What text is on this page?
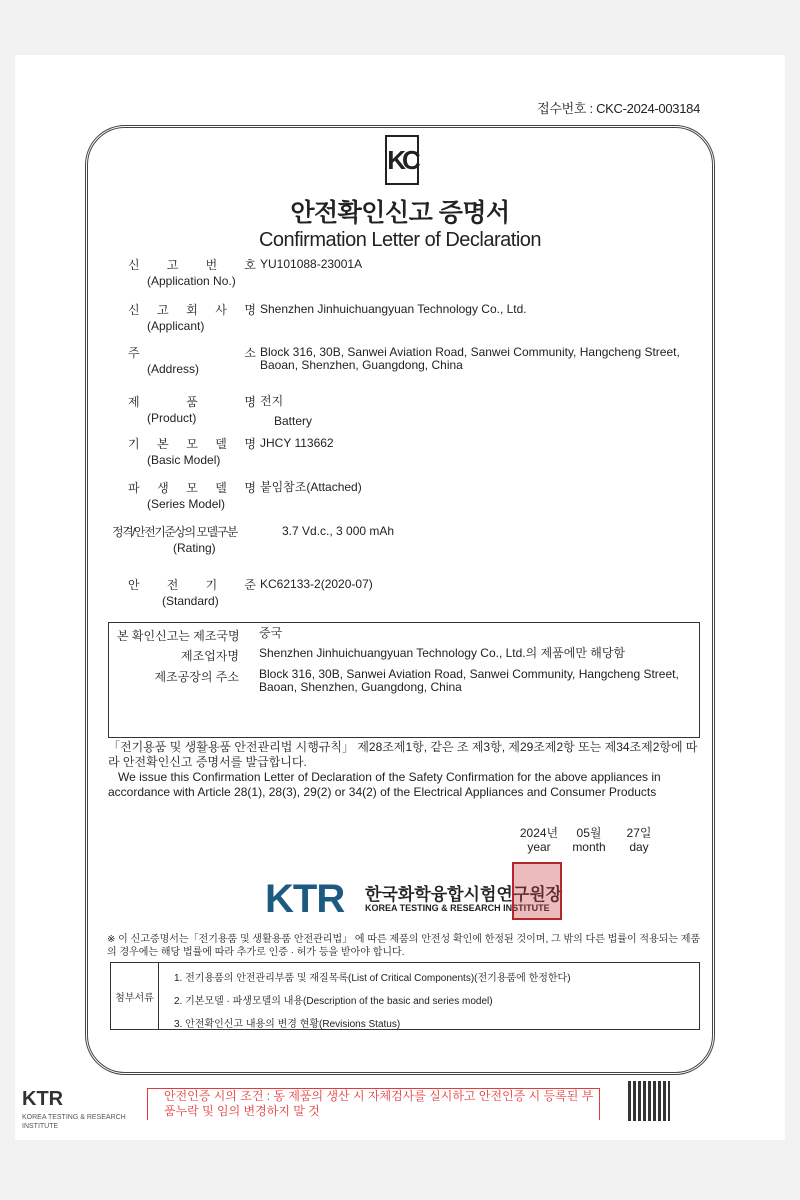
접수번호 : CKC-2024-003184
KC
안전확인신고 증명서
Confirmation Letter of Declaration
신 고 번 호
(Application No.)
YU101088-23001A
신 고 회 사 명
(Applicant)
Shenzhen Jinhuichuangyuan Technology Co., Ltd.
주 소
(Address)
Block 316, 30B, Sanwei Aviation Road, Sanwei Community, Hangcheng Street, Baoan, Shenzhen, Guangdong, China
제 품 명
(Product)
전지
Battery
기 본 모 델 명
(Basic Model)
JHCY 113662
파 생 모 델 명
(Series Model)
붙임참조(Attached)
정격/안전기준상의 모델구분
(Rating)
3.7 Vd.c., 3 000 mAh
안 전 기 준
(Standard)
KC62133-2(2020-07)
본 확인신고는 제조국명 중국
제조업자명 Shenzhen Jinhuichuangyuan Technology Co., Ltd.의 제품에만 해당함
제조공장의 주소 Block 316, 30B, Sanwei Aviation Road, Sanwei Community, Hangcheng Street, Baoan, Shenzhen, Guangdong, China
「전기용품 및 생활용품 안전관리법 시행규칙」 제28조제1항, 같은 조 제3항, 제29조제2항 또는 제34조제2항에 따라 안전확인신고 증명서를 발급합니다.
We issue this Confirmation Letter of Declaration of the Safety Confirmation for the above appliances in accordance with Article 28(1), 28(3), 29(2) or 34(2) of the Electrical Appliances and Consumer Products
2024년
year
05월
month
27일
day
KTR 한국화학융합시험연구원장
KOREA TESTING & RESEARCH INSTITUTE
※ 이 신고증명서는「전기용품 및 생활용품 안전관리법」 에 따른 제품의 안전성 확인에 한정된 것이며, 그 밖의 다른 법률이 적용되는 제품의 경우에는 해당 법률에 따라 추가로 인증 · 허가 등을 받아야 합니다.
첨부서류
1. 전기용품의 안전관리부품 및 재질목록(List of Critical Components)(전기용품에 한정한다)
2. 기본모델 · 파생모델의 내용(Description of the basic and series model)
3. 안전확인신고 내용의 변경 현황(Revisions Status)
KTR
KOREA TESTING & RESEARCH INSTITUTE
안전인증 시의 조건 : 동 제품의 생산 시 자체검사를 실시하고 안전인증 시 등록된 부품누락 및 임의 변경하지 말 것
